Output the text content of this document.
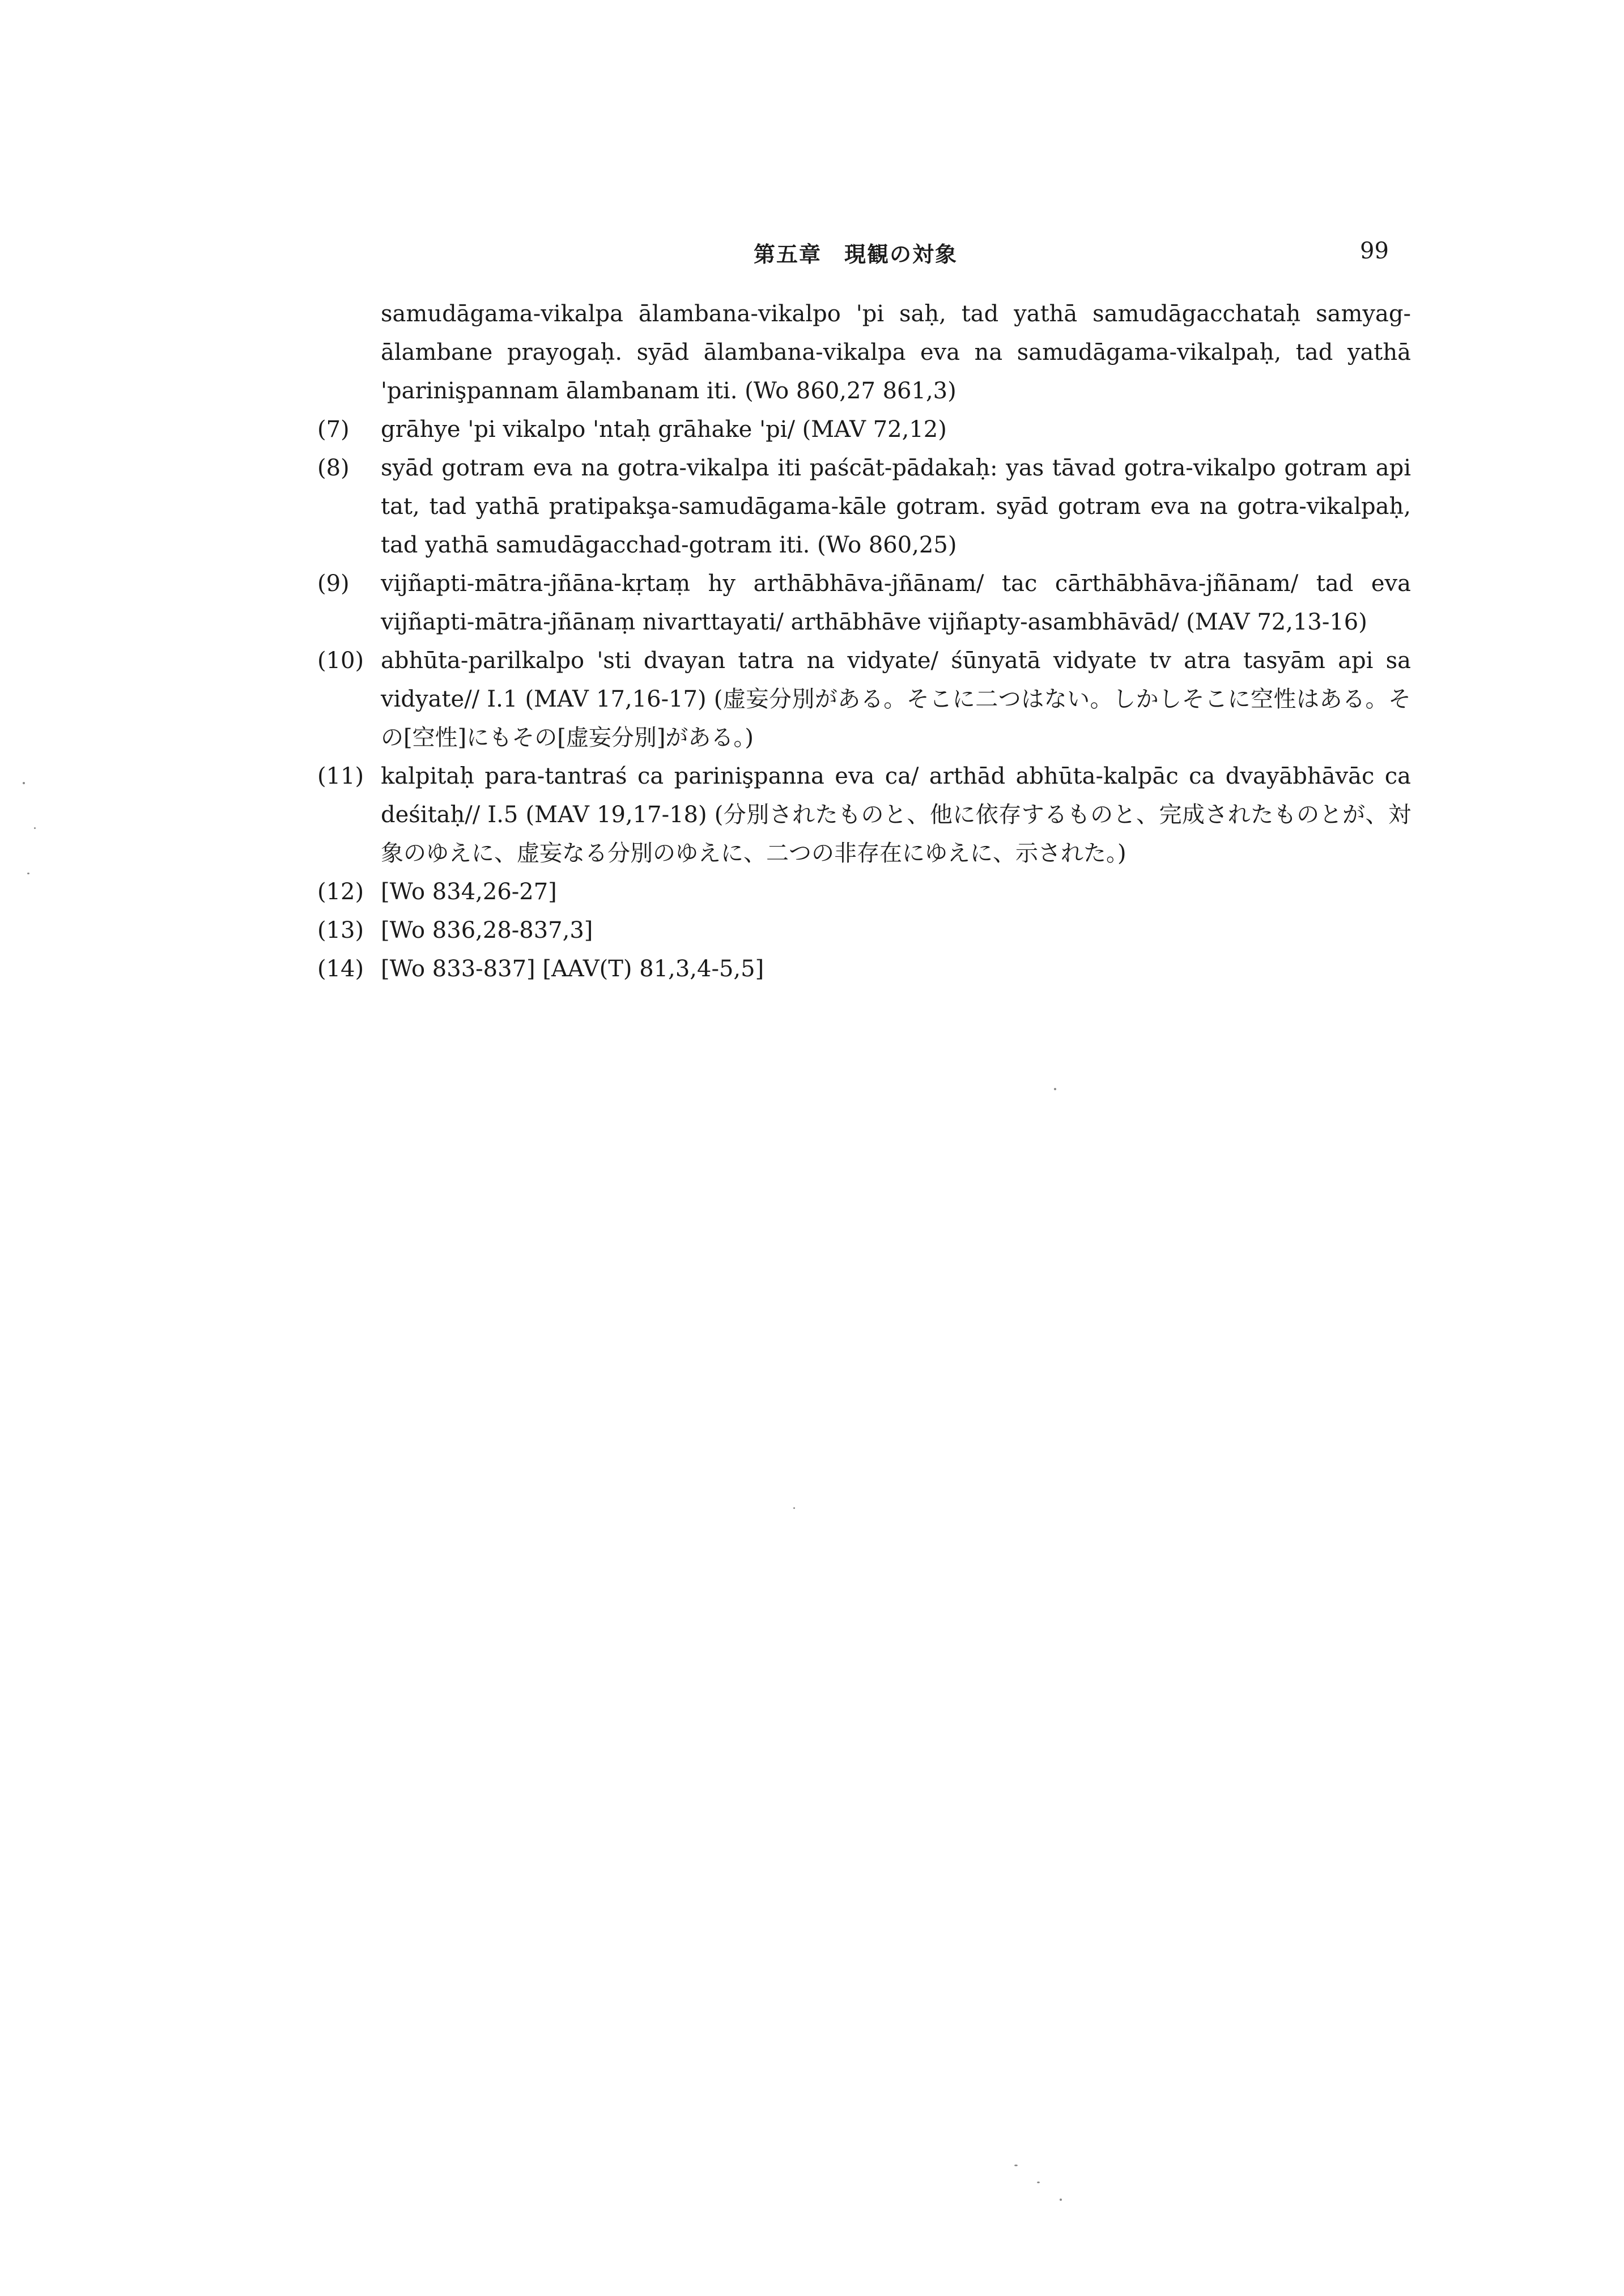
第五章　現観の対象	99
samudāgama-vikalpa ālambana-vikalpo 'pi saḥ, tad yathā samudāgacchataḥ samyag-ālambane prayogaḥ. syād ālambana-vikalpa eva na samudāgama-vikalpaḥ, tad yathā 'parinişpannam ālambanam iti. (Wo 860,27 861,3)
(7)	grāhye 'pi vikalpo 'ntaḥ grāhake 'pi/ (MAV 72,12)
(8)	syād gotram eva na gotra-vikalpa iti paścāt-pādakaḥ: yas tāvad gotra-vikalpo gotram api tat, tad yathā pratipakşa-samudāgama-kāle gotram. syād gotram eva na gotra-vikalpaḥ, tad yathā samudāgacchad-gotram iti. (Wo 860,25)
(9)	vijñapti-mātra-jñāna-kṛtaṃ hy arthābhāva-jñānam/ tac cārthābhāva-jñānam/ tad eva vijñapti-mātra-jñānaṃ nivarttayati/ arthābhāve vijñapty-asambhāvād/ (MAV 72,13-16)
(10) abhūta-parilkalpo 'sti dvayan tatra na vidyate/ śūnyatā vidyate tv atra tasyām api sa vidyate// I.1 (MAV 17,16-17) (虚妄分別がある。そこに二つはない。しかしそこに空性はある。その[空性]にもその[虚妄分別]がある。)
(11) kalpitaḥ para-tantraś ca parinişpanna eva ca/ arthād abhūta-kalpāc ca dvayābhāvāc ca deśitaḥ// I.5 (MAV 19,17-18) (分別されたものと、他に依存するものと、完成されたものとが、対象のゆえに、虚妄なる分別のゆえに、二つの非存在にゆえに、示された。)
(12) [Wo 834,26-27]
(13) [Wo 836,28-837,3]
(14) [Wo 833-837] [AAV(T) 81,3,4-5,5]
